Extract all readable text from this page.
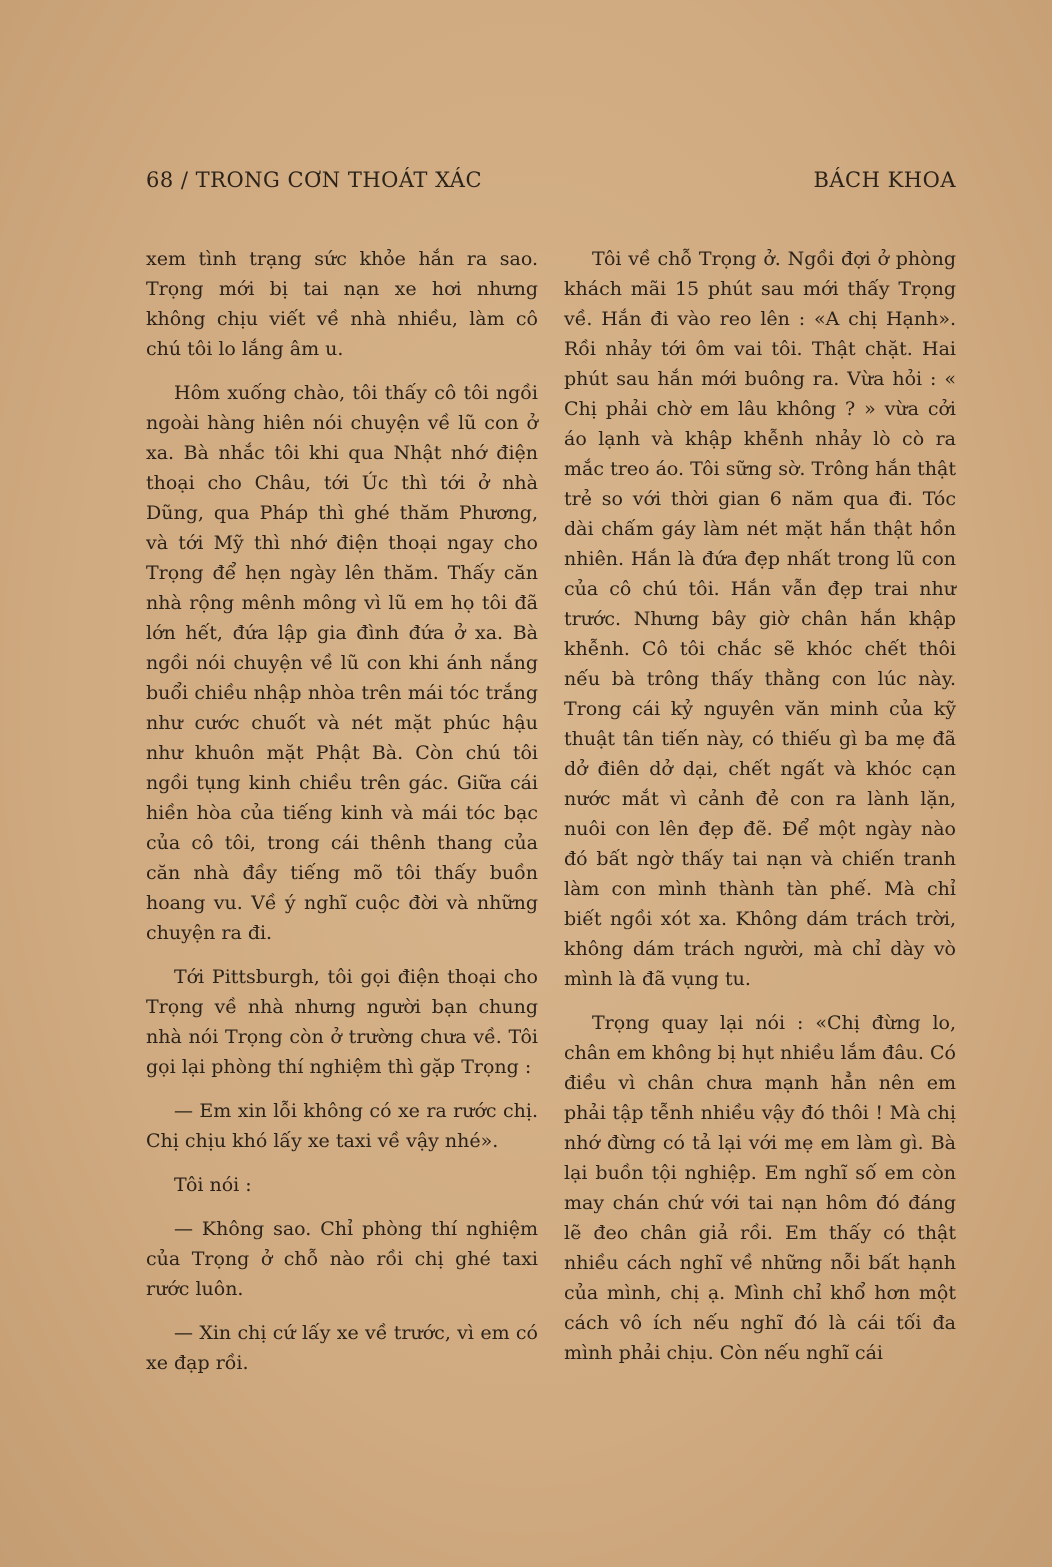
68 / TRONG CƠN THOÁT XÁC	BÁCH KHOA

xem tình trạng sức khỏe hắn ra sao. Trọng mới bị tai nạn xe hơi nhưng không chịu viết về nhà nhiều, làm cô chú tôi lo lắng âm u.

Hôm xuống chào, tôi thấy cô tôi ngồi ngoài hàng hiên nói chuyện về lũ con ở xa. Bà nhắc tôi khi qua Nhật nhớ điện thoại cho Châu, tới Úc thì tới ở nhà Dũng, qua Pháp thì ghé thăm Phương, và tới Mỹ thì nhớ điện thoại ngay cho Trọng để hẹn ngày lên thăm. Thấy căn nhà rộng mênh mông vì lũ em họ tôi đã lớn hết, đứa lập gia đình đứa ở xa. Bà ngồi nói chuyện về lũ con khi ánh nắng buổi chiều nhập nhòa trên mái tóc trắng như cước chuốt và nét mặt phúc hậu như khuôn mặt Phật Bà. Còn chú tôi ngồi tụng kinh chiều trên gác. Giữa cái hiền hòa của tiếng kinh và mái tóc bạc của cô tôi, trong cái thênh thang của căn nhà đầy tiếng mõ tôi thấy buồn hoang vu. Về ý nghĩ cuộc đời và những chuyện ra đi.

Tới Pittsburgh, tôi gọi điện thoại cho Trọng về nhà nhưng người bạn chung nhà nói Trọng còn ở trường chưa về. Tôi gọi lại phòng thí nghiệm thì gặp Trọng :

— Em xin lỗi không có xe ra rước chị. Chị chịu khó lấy xe taxi về vậy nhé».

Tôi nói :

— Không sao. Chỉ phòng thí nghiệm của Trọng ở chỗ nào rồi chị ghé taxi rước luôn.

— Xin chị cứ lấy xe về trước, vì em có xe đạp rồi.

Tôi về chỗ Trọng ở. Ngồi đợi ở phòng khách mãi 15 phút sau mới thấy Trọng về. Hắn đi vào reo lên : «A chị Hạnh». Rồi nhảy tới ôm vai tôi. Thật chặt. Hai phút sau hắn mới buông ra. Vừa hỏi : « Chị phải chờ em lâu không ? » vừa cởi áo lạnh và khập khễnh nhảy lò cò ra mắc treo áo. Tôi sững sờ. Trông hắn thật trẻ so với thời gian 6 năm qua đi. Tóc dài chấm gáy làm nét mặt hắn thật hồn nhiên. Hắn là đứa đẹp nhất trong lũ con của cô chú tôi. Hắn vẫn đẹp trai như trước. Nhưng bây giờ chân hắn khập khễnh. Cô tôi chắc sẽ khóc chết thôi nếu bà trông thấy thằng con lúc này. Trong cái kỷ nguyên văn minh của kỹ thuật tân tiến này, có thiếu gì ba mẹ đã dở điên dở dại, chết ngất và khóc cạn nước mắt vì cảnh đẻ con ra lành lặn, nuôi con lên đẹp đẽ. Để một ngày nào đó bất ngờ thấy tai nạn và chiến tranh làm con mình thành tàn phế. Mà chỉ biết ngồi xót xa. Không dám trách trời, không dám trách người, mà chỉ dày vò mình là đã vụng tu.

Trọng quay lại nói : «Chị đừng lo, chân em không bị hụt nhiều lắm đâu. Có điều vì chân chưa mạnh hẳn nên em phải tập tễnh nhiều vậy đó thôi ! Mà chị nhớ đừng có tả lại với mẹ em làm gì. Bà lại buồn tội nghiệp. Em nghĩ số em còn may chán chứ với tai nạn hôm đó đáng lẽ đeo chân giả rồi. Em thấy có thật nhiều cách nghĩ về những nỗi bất hạnh của mình, chị ạ. Mình chỉ khổ hơn một cách vô ích nếu nghĩ đó là cái tối đa mình phải chịu. Còn nếu nghĩ cái
